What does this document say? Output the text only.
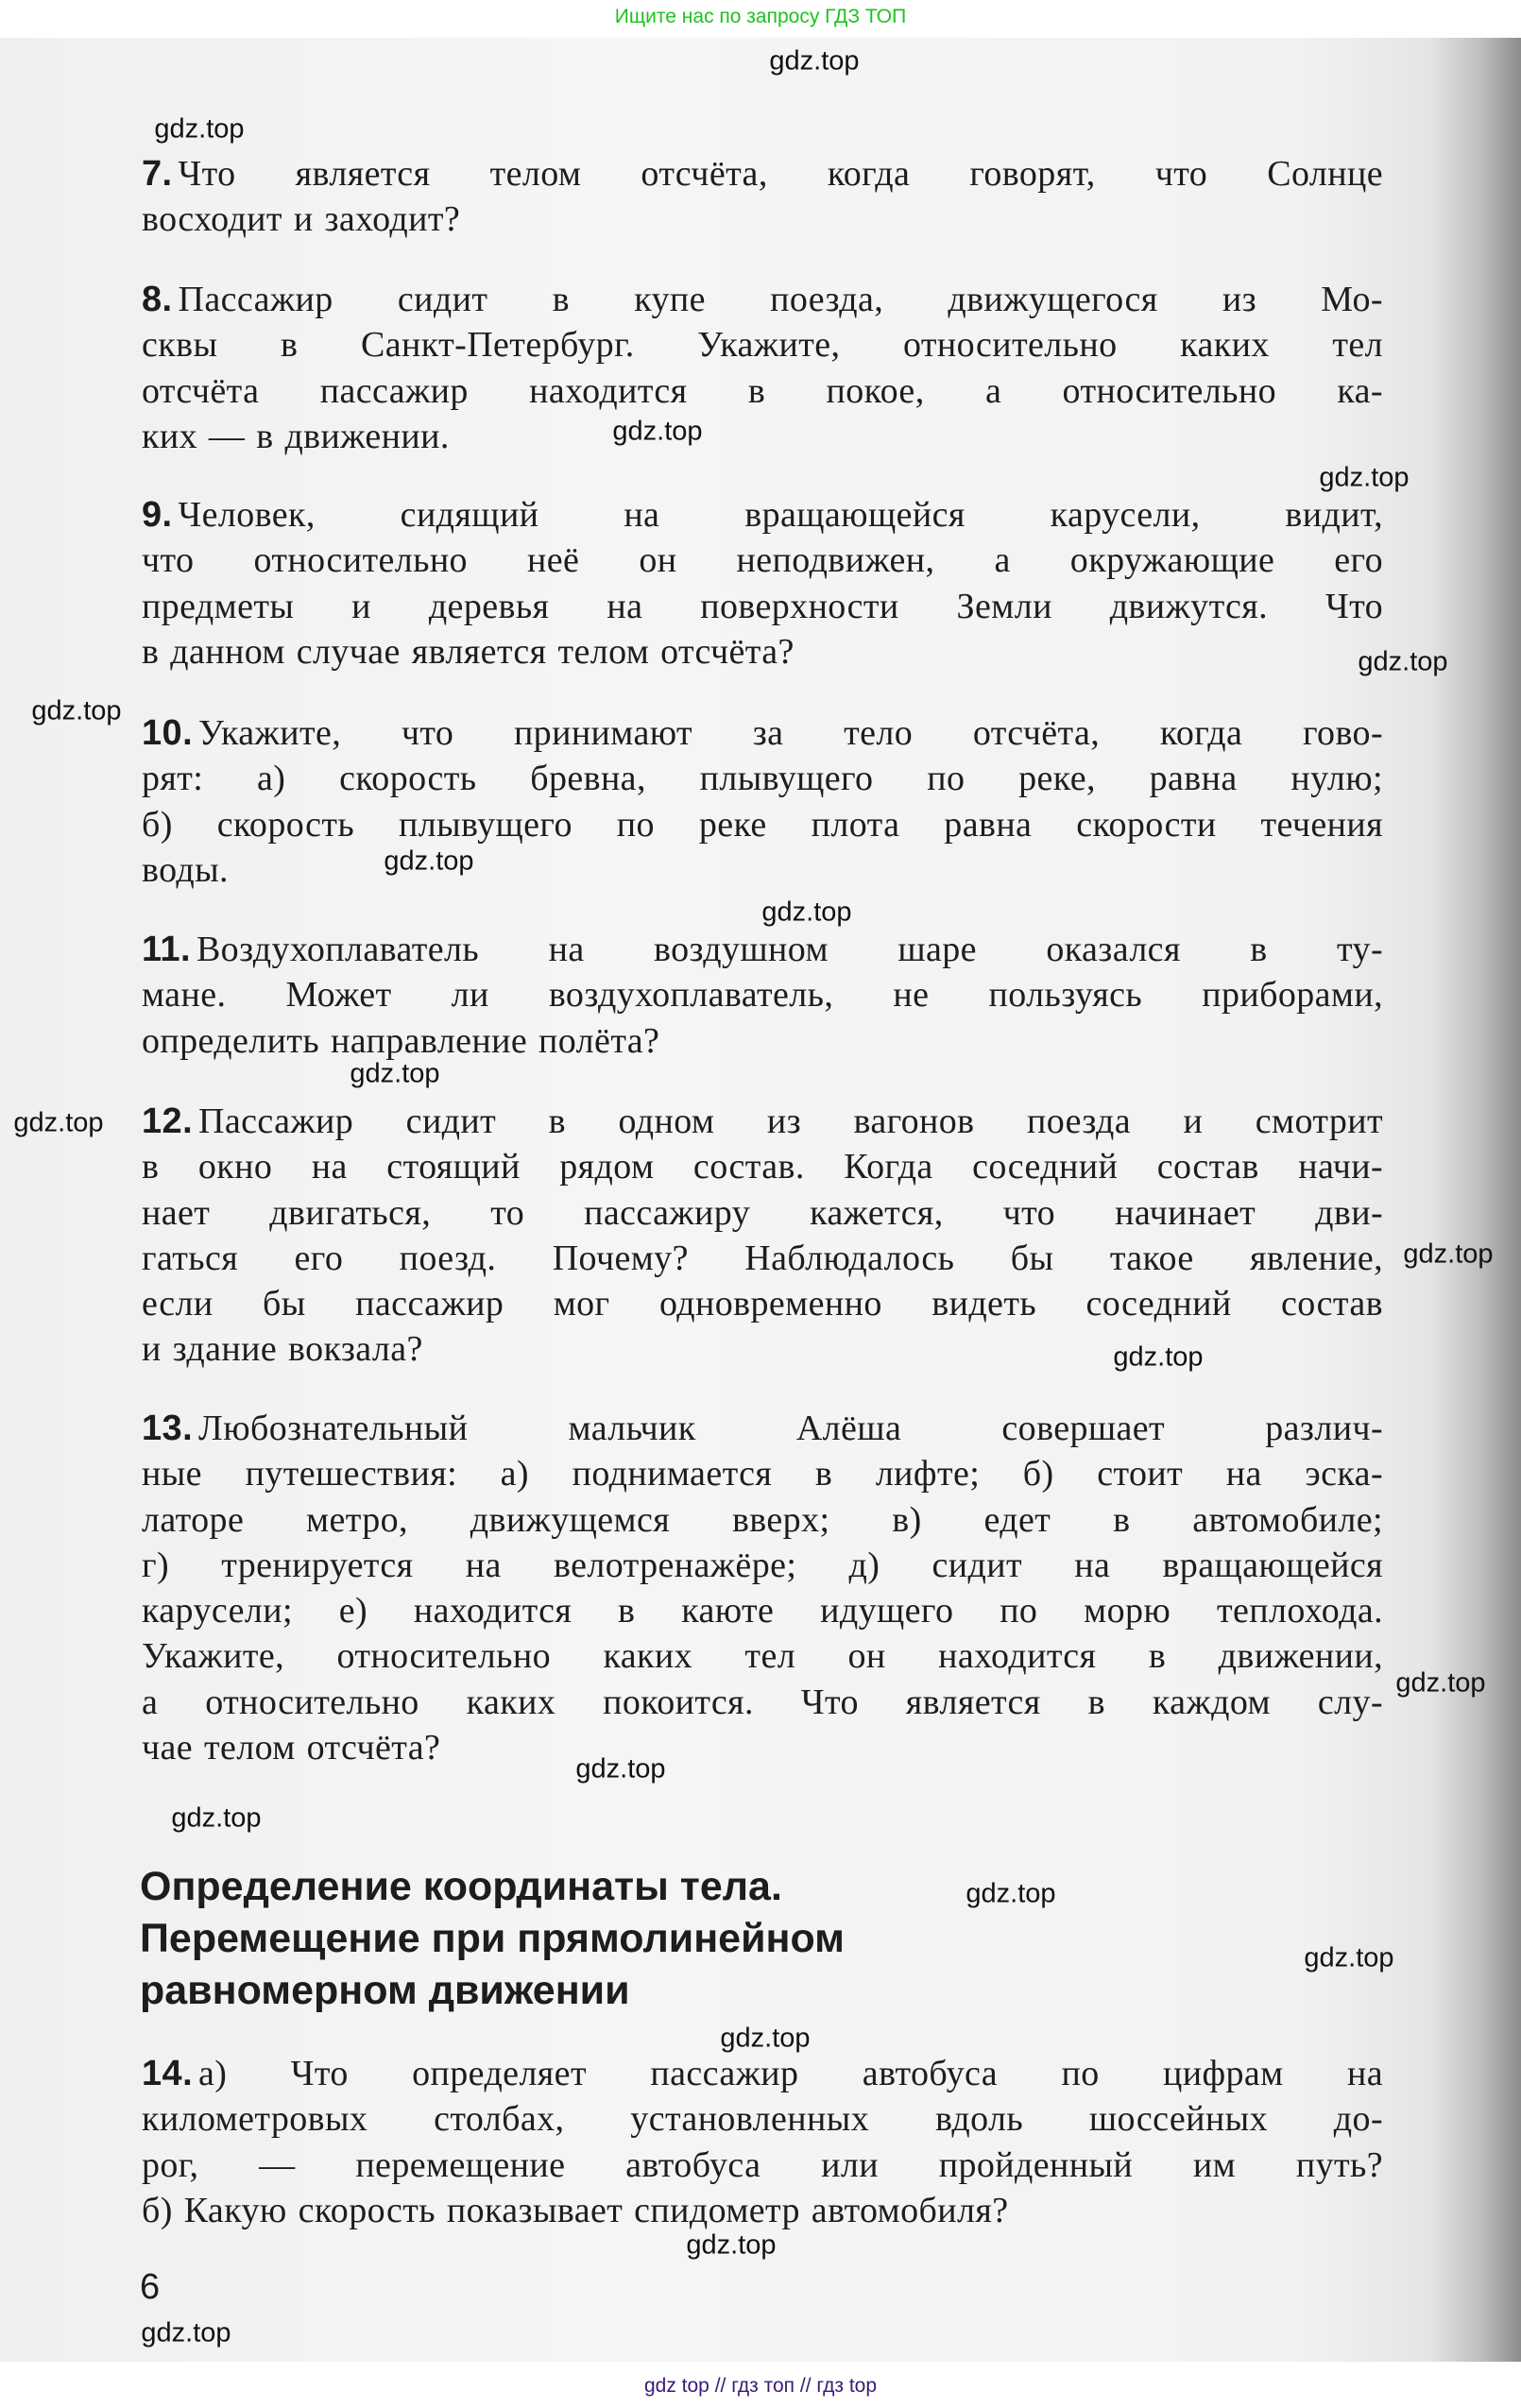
Ищите нас по запросу ГДЗ ТОП
7. Что является телом отсчёта, когда говорят, что Солнце
восходит и заходит?
8. Пассажир сидит в купе поезда, движущегося из Мо-
сквы в Санкт-Петербург. Укажите, относительно каких тел
отсчёта пассажир находится в покое, а относительно ка-
ких — в движении.
9. Человек, сидящий на вращающейся карусели, видит,
что относительно неё он неподвижен, а окружающие его
предметы и деревья на поверхности Земли движутся. Что
в данном случае является телом отсчёта?
10. Укажите, что принимают за тело отсчёта, когда гово-
рят: а) скорость бревна, плывущего по реке, равна нулю;
б) скорость плывущего по реке плота равна скорости течения
воды.
11. Воздухоплаватель на воздушном шаре оказался в ту-
мане. Может ли воздухоплаватель, не пользуясь приборами,
определить направление полёта?
12. Пассажир сидит в одном из вагонов поезда и смотрит
в окно на стоящий рядом состав. Когда соседний состав начи-
нает двигаться, то пассажиру кажется, что начинает дви-
гаться его поезд. Почему? Наблюдалось бы такое явление,
если бы пассажир мог одновременно видеть соседний состав
и здание вокзала?
13. Любознательный мальчик Алёша совершает различ-
ные путешествия: а) поднимается в лифте; б) стоит на эска-
латоре метро, движущемся вверх; в) едет в автомобиле;
г) тренируется на велотренажёре; д) сидит на вращающейся
карусели; е) находится в каюте идущего по морю теплохода.
Укажите, относительно каких тел он находится в движении,
а относительно каких покоится. Что является в каждом слу-
чае телом отсчёта?
14. а) Что определяет пассажир автобуса по цифрам на
километровых столбах, установленных вдоль шоссейных до-
рог, — перемещение автобуса или пройденный им путь?
б) Какую скорость показывает спидометр автомобиля?
Определение координаты тела.
Перемещение при прямолинейном
равномерном движении
6
gdz.top
gdz.top
gdz.top
gdz.top
gdz.top
gdz.top
gdz.top
gdz.top
gdz.top
gdz.top
gdz.top
gdz.top
gdz.top
gdz.top
gdz.top
gdz.top
gdz.top
gdz.top
gdz.top
gdz.top
gdz top // гдз топ // гдз top
